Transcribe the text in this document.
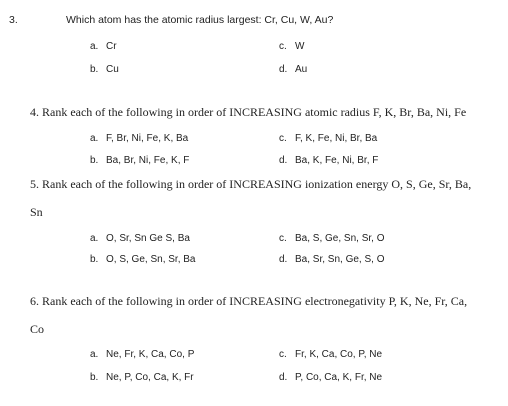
3.	Which atom has the atomic radius largest: Cr, Cu, W, Au?
a. Cr
b. Cu
c. W
d. Au
4. Rank each of the following in order of INCREASING atomic radius F, K, Br, Ba, Ni, Fe
a. F, Br, Ni, Fe, K, Ba
b. Ba, Br, Ni, Fe, K, F
c. F, K, Fe, Ni, Br, Ba
d. Ba, K, Fe, Ni, Br, F
5. Rank each of the following in order of INCREASING ionization energy O, S, Ge, Sr, Ba,
Sn
a. O, Sr, Sn Ge S, Ba
b. O, S, Ge, Sn, Sr, Ba
c. Ba, S, Ge, Sn, Sr, O
d. Ba, Sr, Sn, Ge, S, O
6. Rank each of the following in order of INCREASING electronegativity P, K, Ne, Fr, Ca,
Co
a. Ne, Fr, K, Ca, Co, P
b. Ne, P, Co, Ca, K, Fr
c. Fr, K, Ca, Co, P, Ne
d. P, Co, Ca, K, Fr, Ne
